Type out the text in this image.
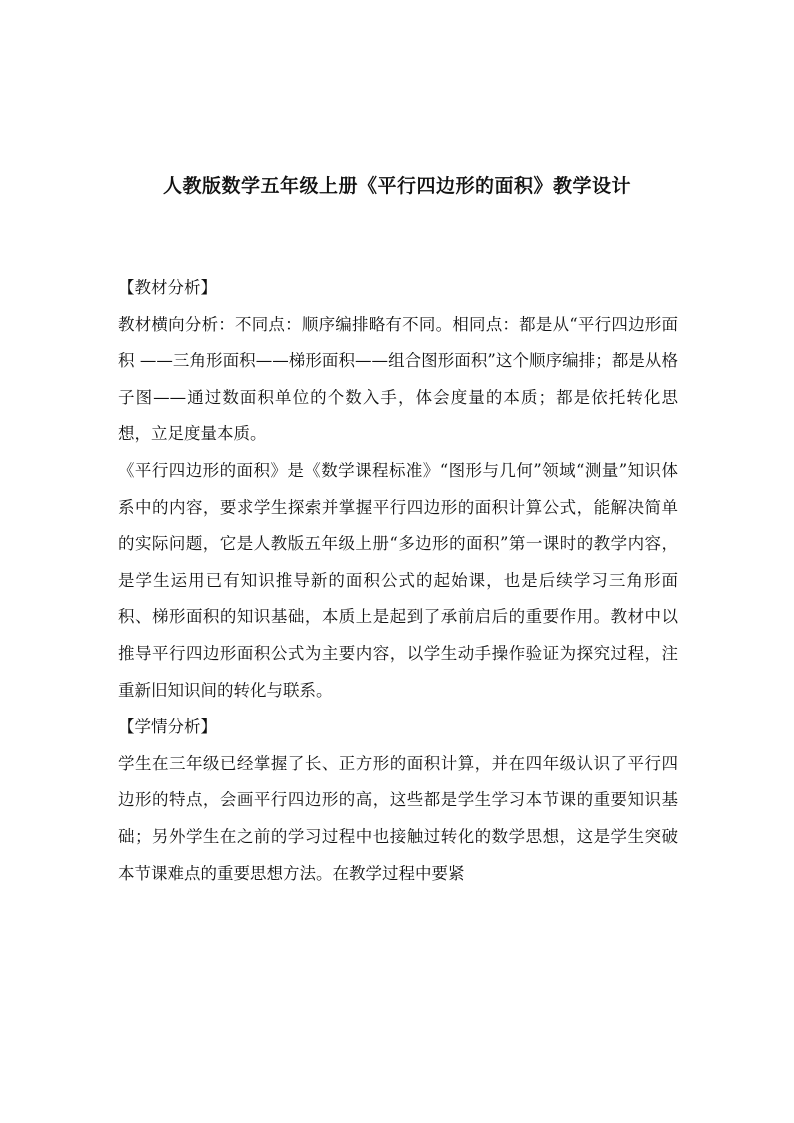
人教版数学五年级上册《平行四边形的面积》教学设计

【教材分析】

教材横向分析：不同点：顺序编排略有不同。相同点：都是从“平行四边形面积 ——三角形面积——梯形面积——组合图形面积”这个顺序编排；都是从格子图——通过数面积单位的个数入手，体会度量的本质；都是依托转化思想，立足度量本质。

《平行四边形的面积》是《数学课程标准》“图形与几何”领域“测量”知识体系中的内容，要求学生探索并掌握平行四边形的面积计算公式，能解决简单的实际问题，它是人教版五年级上册“多边形的面积”第一课时的教学内容，是学生运用已有知识推导新的面积公式的起始课，也是后续学习三角形面积、梯形面积的知识基础，本质上是起到了承前启后的重要作用。教材中以推导平行四边形面积公式为主要内容，以学生动手操作验证为探究过程，注重新旧知识间的转化与联系。

【学情分析】

学生在三年级已经掌握了长、正方形的面积计算，并在四年级认识了平行四边形的特点，会画平行四边形的高，这些都是学生学习本节课的重要知识基础；另外学生在之前的学习过程中也接触过转化的数学思想，这是学生突破本节课难点的重要思想方法。在教学过程中要紧
